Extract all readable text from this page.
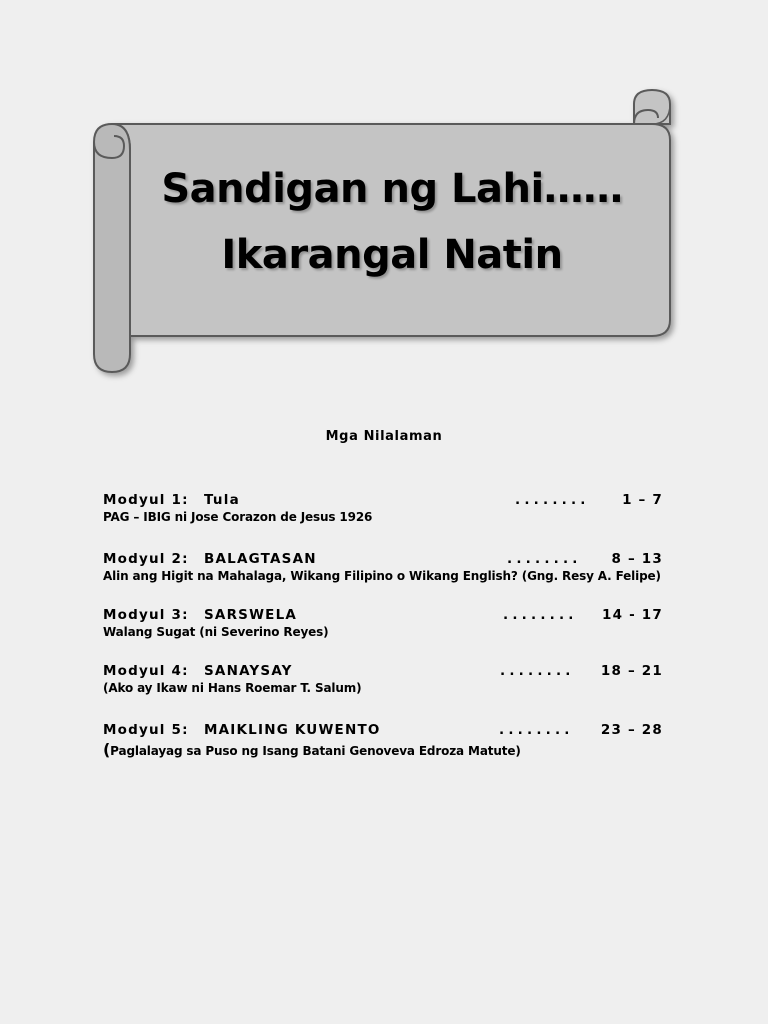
Sandigan ng Lahi……
Ikarangal Natin
Mga Nilalaman
Modyul 1: Tula	........ 1 – 7
PAG – IBIG ni Jose Corazon de Jesus 1926
Modyul 2: BALAGTASAN	........ 8 – 13
Alin ang Higit na Mahalaga, Wikang Filipino o Wikang English? (Gng. Resy A. Felipe)
Modyul 3: SARSWELA	........ 14 - 17
Walang Sugat (ni Severino Reyes)
Modyul 4: SANAYSAY	........ 18 – 21
(Ako ay Ikaw ni Hans Roemar T. Salum)
Modyul 5: MAIKLING KUWENTO	........ 23 – 28
(Paglalayag sa Puso ng Isang Batani Genoveva Edroza Matute)
